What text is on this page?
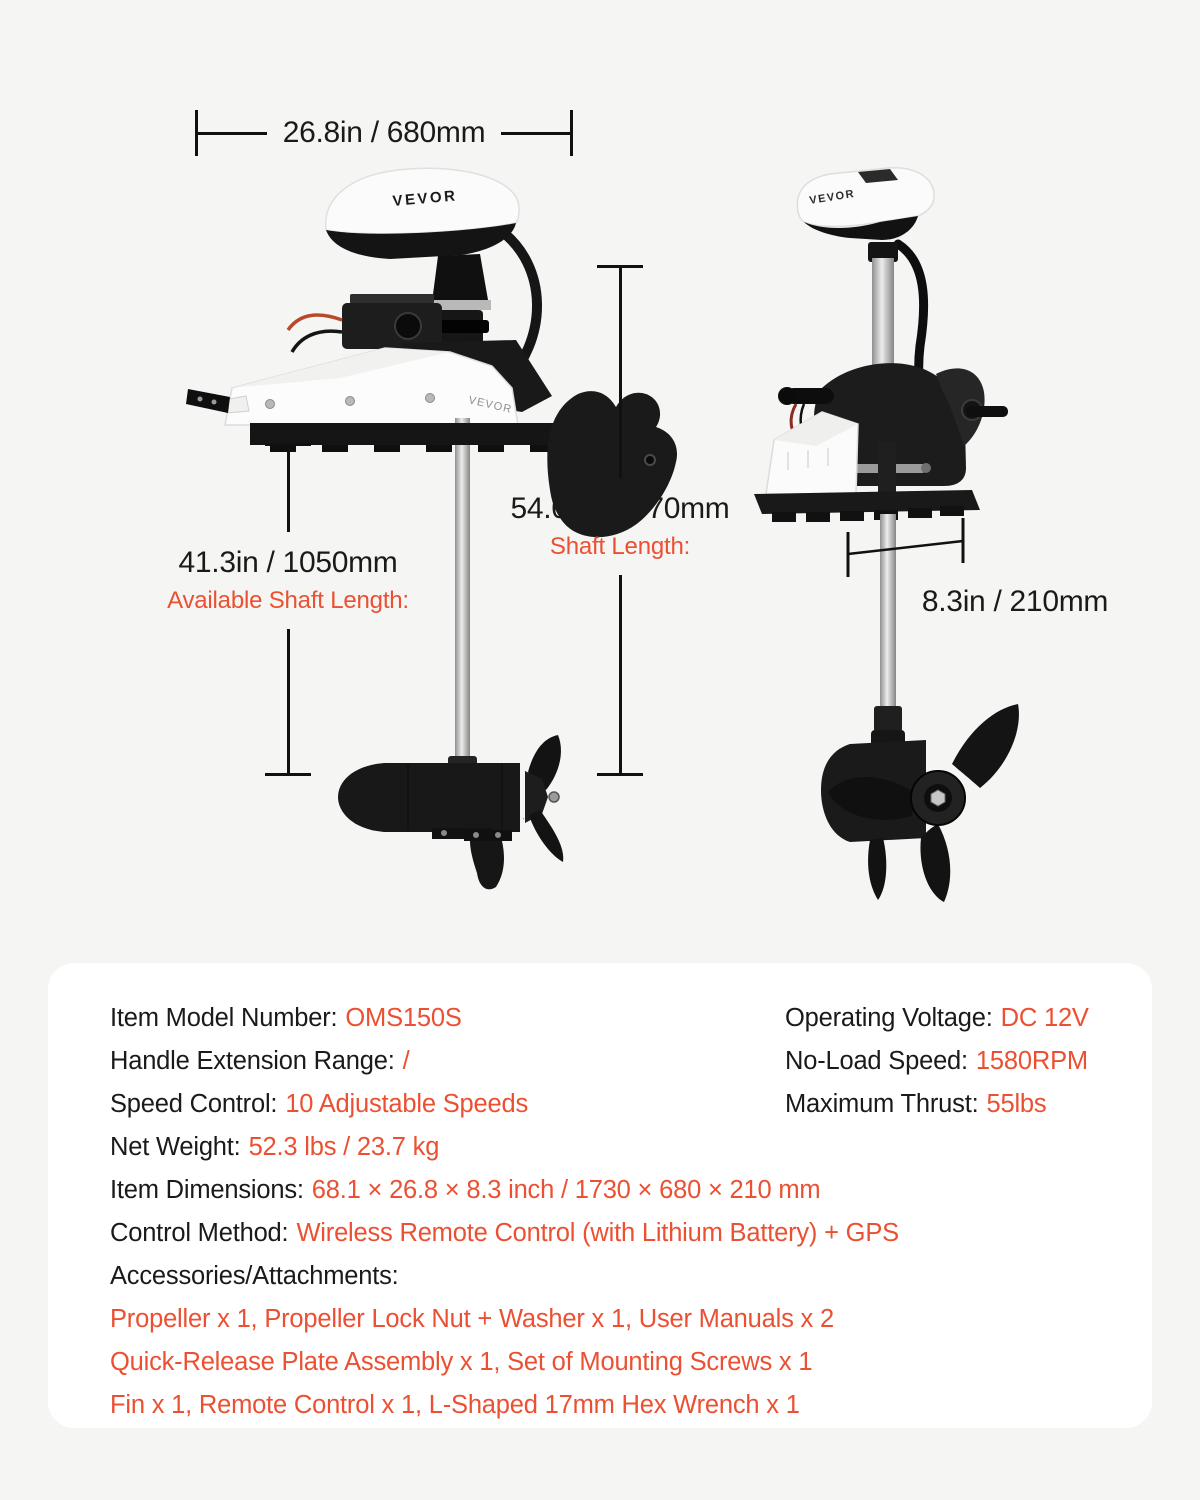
VEVOR
VEVOR
VEVOR
26.8in / 680mm
41.3in / 1050mm
Available Shaft Length:
54.0in / 1370mm
Shaft Length:
8.3in / 210mm
Item Model Number: OMS150S	Operating Voltage: DC 12V
Handle Extension Range: /	No-Load Speed: 1580RPM
Speed Control: 10 Adjustable Speeds	Maximum Thrust: 55lbs
Net Weight: 52.3 lbs / 23.7 kg
Item Dimensions: 68.1 × 26.8 × 8.3 inch / 1730 × 680 × 210 mm
Control Method: Wireless Remote Control (with Lithium Battery) + GPS
Accessories/Attachments:
Propeller x 1, Propeller Lock Nut + Washer x 1, User Manuals x 2
Quick-Release Plate Assembly x 1, Set of Mounting Screws x 1
Fin x 1, Remote Control x 1, L-Shaped 17mm Hex Wrench x 1
